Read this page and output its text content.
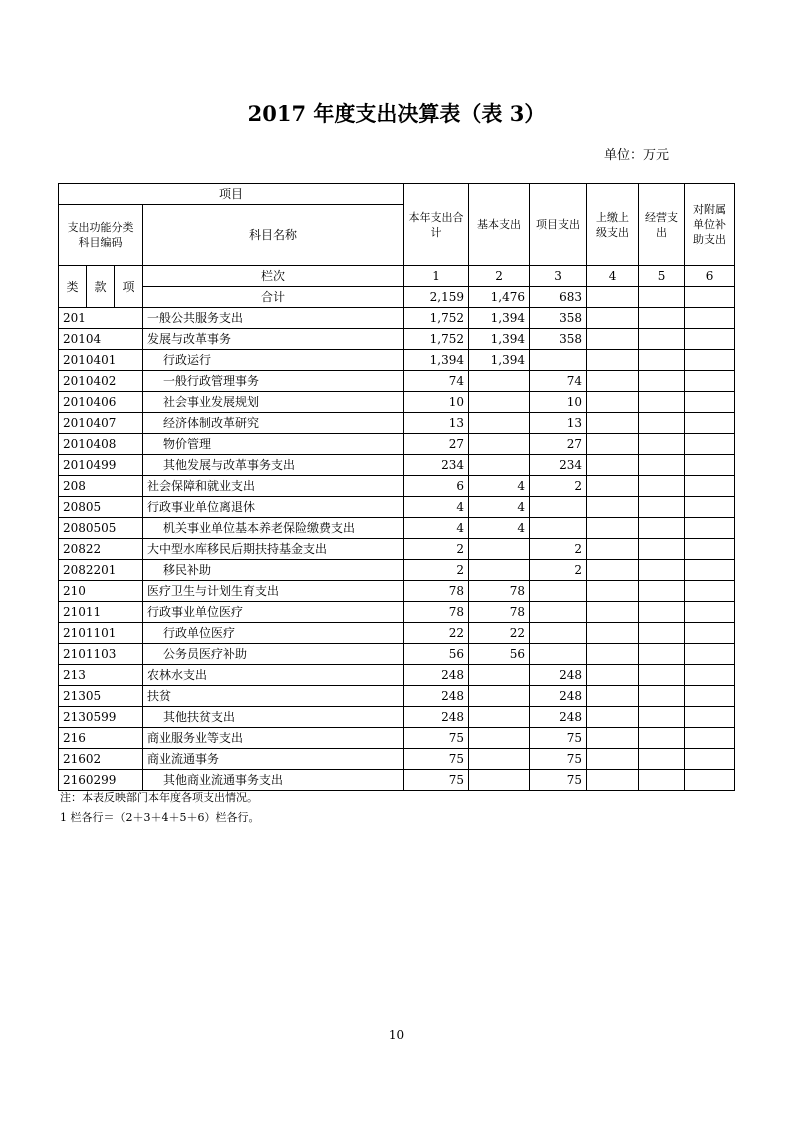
2017 年度支出决算表（表 3）
单位：万元
项目				本年支出合计	基本支出	项目支出	上缴上级支出	经营支出	对附属单位补助支出
支出功能分类科目编码			科目名称						
类	款	项	栏次	1	2	3	4	5	6
			合计	2,159	1,476	683			
201			一般公共服务支出	1,752	1,394	358			
20104			发展与改革事务	1,752	1,394	358			
2010401			行政运行	1,394	1,394				
2010402			一般行政管理事务	74		74			
2010406			社会事业发展规划	10		10			
2010407			经济体制改革研究	13		13			
2010408			物价管理	27		27			
2010499			其他发展与改革事务支出	234		234			
208			社会保障和就业支出	6	4	2			
20805			行政事业单位离退休	4	4				
2080505			机关事业单位基本养老保险缴费支出	4	4				
20822			大中型水库移民后期扶持基金支出	2		2			
2082201			移民补助	2		2			
210			医疗卫生与计划生育支出	78	78				
21011			行政事业单位医疗	78	78				
2101101			行政单位医疗	22	22				
2101103			公务员医疗补助	56	56				
213			农林水支出	248		248			
21305			扶贫	248		248			
2130599			其他扶贫支出	248		248			
216			商业服务业等支出	75		75			
21602			商业流通事务	75		75			
2160299			其他商业流通事务支出	75		75			
注：本表反映部门本年度各项支出情况。
1 栏各行＝（2＋3＋4＋5＋6）栏各行。
10
